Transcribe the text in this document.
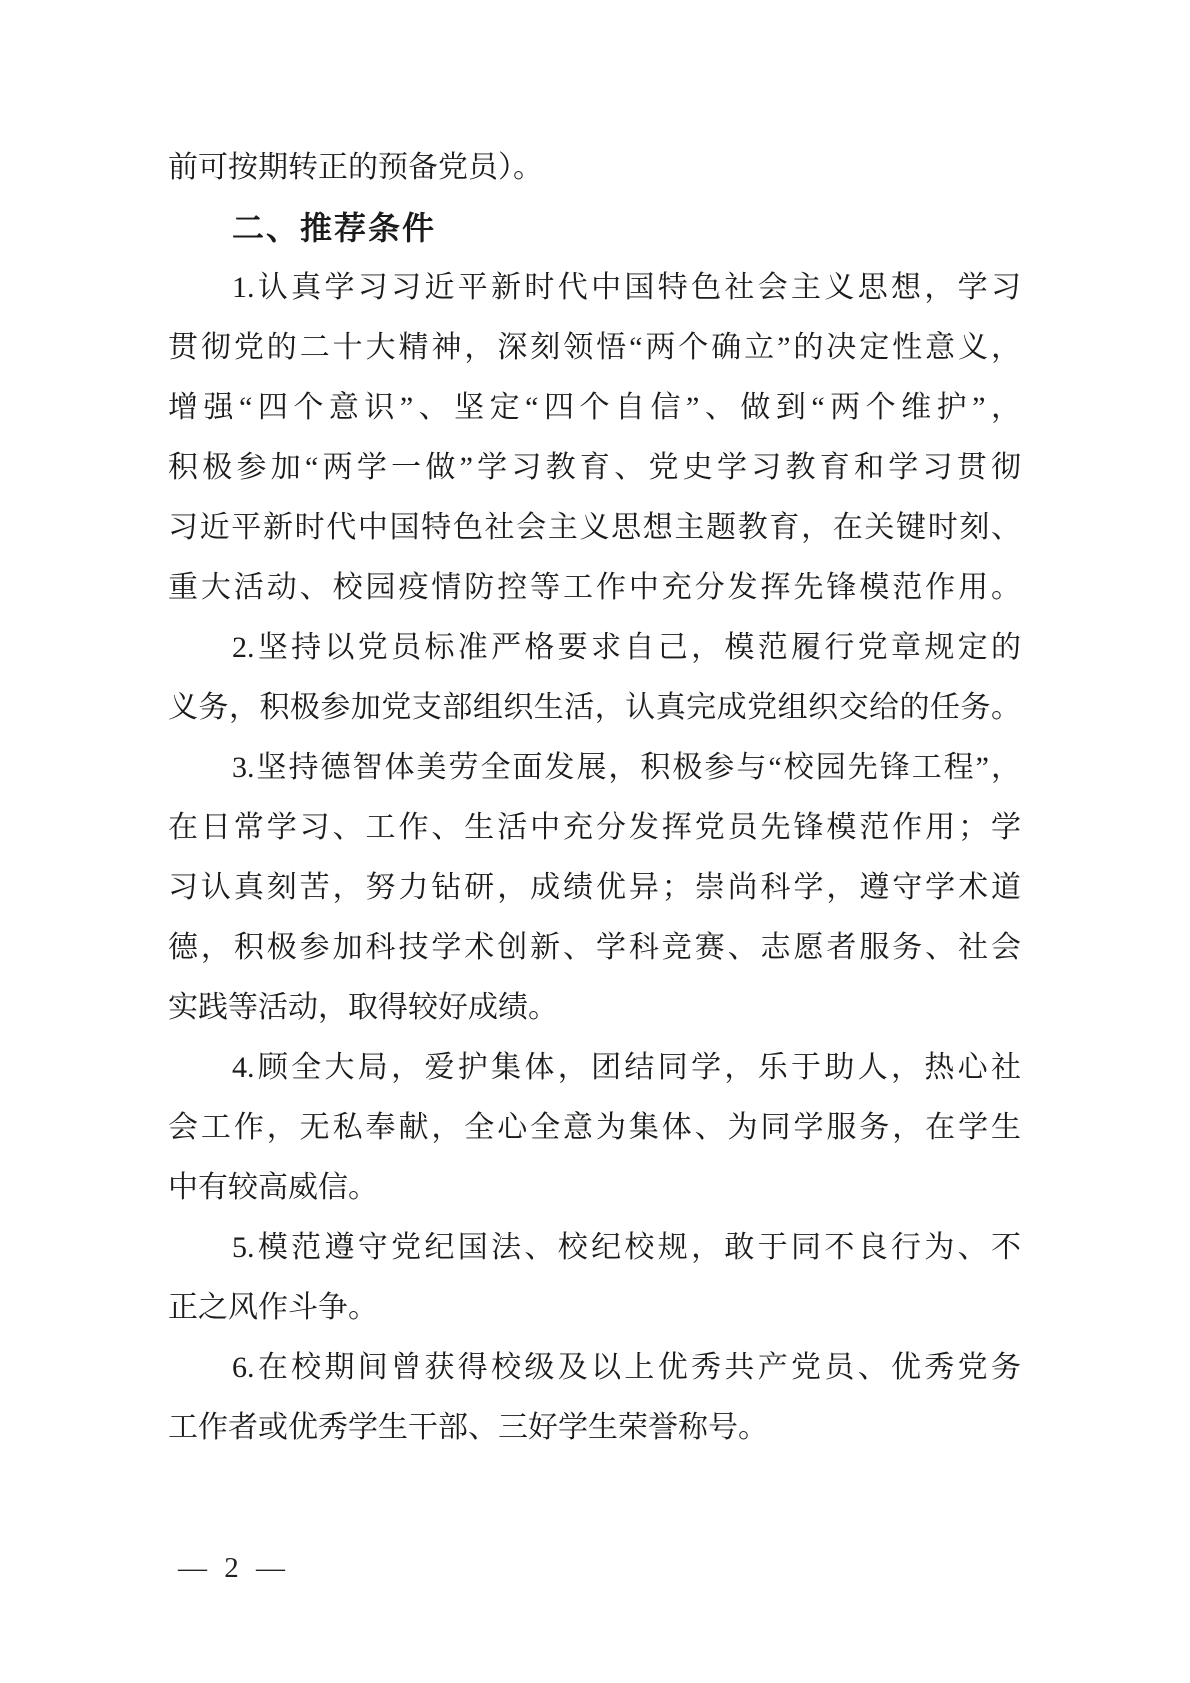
前可按期转正的预备党员）。
二、推荐条件
1.认真学习习近平新时代中国特色社会主义思想，学习
贯彻党的二十大精神，深刻领悟“两个确立”的决定性意义，
增强“四个意识”、坚定“四个自信”、做到“两个维护”，
积极参加“两学一做”学习教育、党史学习教育和学习贯彻
习近平新时代中国特色社会主义思想主题教育，在关键时刻、
重大活动、校园疫情防控等工作中充分发挥先锋模范作用。
2.坚持以党员标准严格要求自己，模范履行党章规定的
义务，积极参加党支部组织生活，认真完成党组织交给的任务。
3.坚持德智体美劳全面发展，积极参与“校园先锋工程”，
在日常学习、工作、生活中充分发挥党员先锋模范作用；学
习认真刻苦，努力钻研，成绩优异；崇尚科学，遵守学术道
德，积极参加科技学术创新、学科竞赛、志愿者服务、社会
实践等活动，取得较好成绩。
4.顾全大局，爱护集体，团结同学，乐于助人，热心社
会工作，无私奉献，全心全意为集体、为同学服务，在学生
中有较高威信。
5.模范遵守党纪国法、校纪校规，敢于同不良行为、不
正之风作斗争。
6.在校期间曾获得校级及以上优秀共产党员、优秀党务
工作者或优秀学生干部、三好学生荣誉称号。
— 2 —
